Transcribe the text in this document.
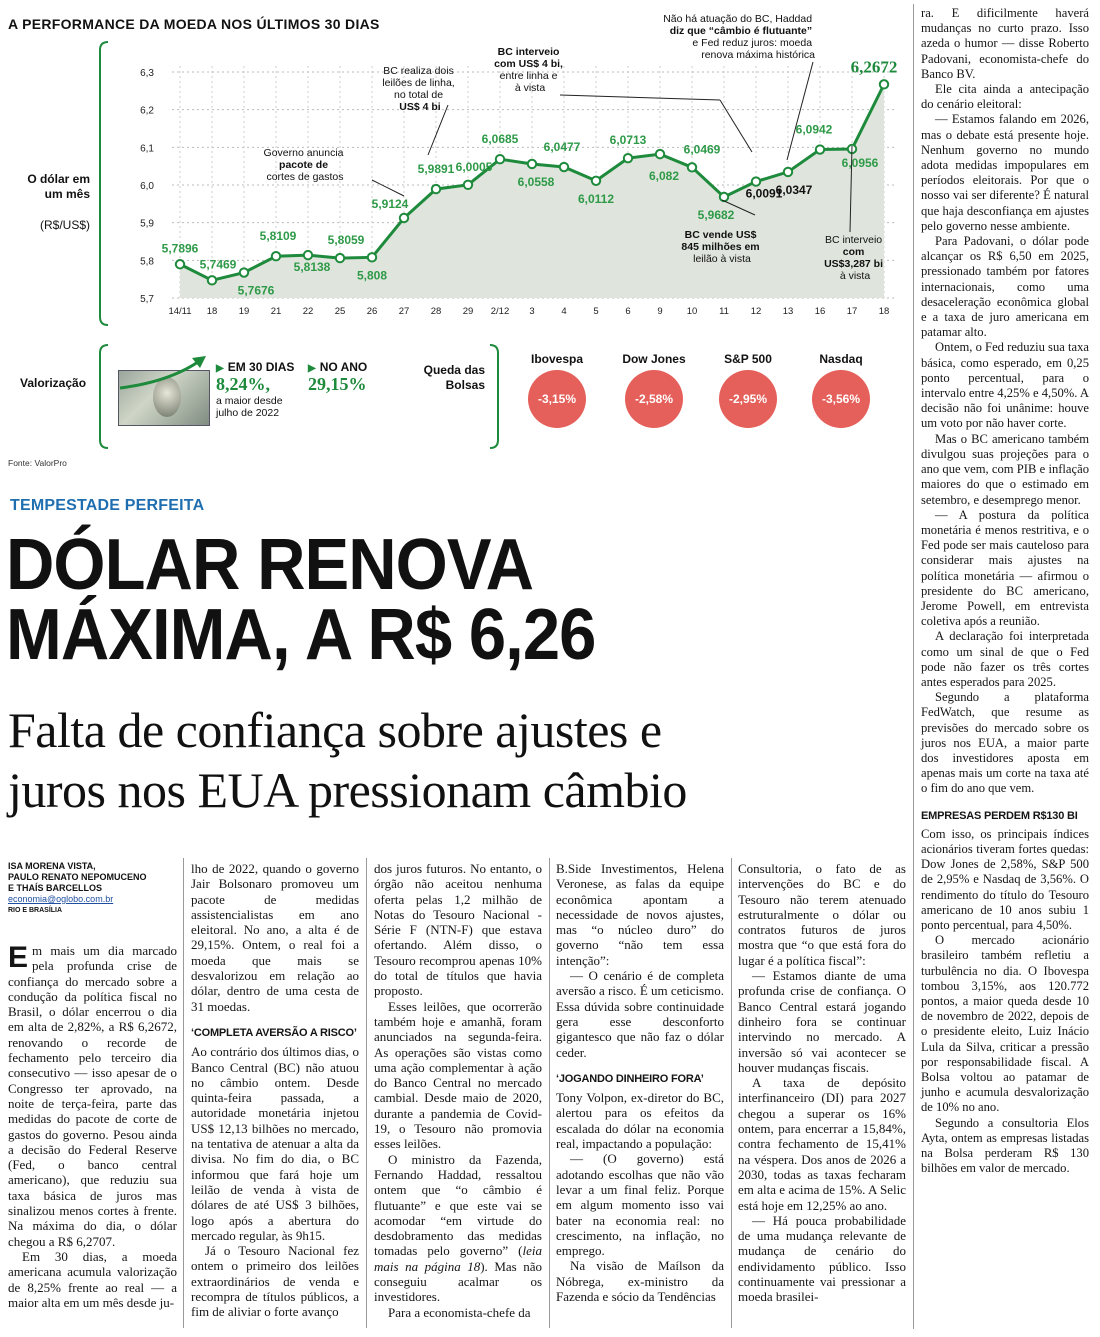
A PERFORMANCE DA MOEDA NOS ÚLTIMOS 30 DIAS
5,7
5,8
5,9
6,0
6,1
6,2
6,3
14/11 18 19 21 22 25 26 27 28 29 2/12 3	4	5	6	9	10 11 12 13 16 17 18
5,7896
5,7469
5,7676
5,8109
5,8138
5,8059
5,808
5,9124
5,9891 6,0005
6,0685
6,0558
6,0477
6,0112
6,0713
6,082
6,0469
5,9682
6,0091
6,0347
6,0942
6,0956
6,2672
Governo anuncia pacote de cortes de gastos
BC realiza dois leilões de linha, no total de US$ 4 bi
BC interveio com US$ 4 bi, entre linha e à vista
Não há atuação do BC, Haddad diz que “câmbio é flutuante” e Fed reduz juros: moeda renova máxima histórica
BC vende US$ 845 milhões em leilão à vista
BC interveio com US$3,287 bi à vista
O dólar em um mês
(R$/US$)
Valorização
▶ EM 30 DIAS
8,24%,
a maior desde julho de 2022
▶ NO ANO
29,15%
Queda das Bolsas
Ibovespa
-3,15%
Dow Jones
-2,58%
S&P 500
-2,95%
Nasdaq
-3,56%
Fonte: ValorPro
TEMPESTADE PERFEITA
DÓLAR RENOVA
MÁXIMA, A R$ 6,26
Falta de confiança sobre ajustes e
juros nos EUA pressionam câmbio
ISA MORENA VISTA,
PAULO RENATO NEPOMUCENO
E THAÍS BARCELLOS
economia@oglobo.com.br
RIO E BRASÍLIA

Em mais um dia marcado pela profunda crise de confiança do mercado sobre a condução da política fiscal no Brasil, o dólar encerrou o dia em alta de 2,82%, a R$ 6,2672, renovando o recorde de fechamento pelo terceiro dia consecutivo — isso apesar de o Congresso ter aprovado, na noite de terça-feira, parte das medidas do pacote de corte de gastos do governo. Pesou ainda a decisão do Federal Reserve (Fed, o banco central americano), que reduziu sua taxa básica de juros mas sinalizou menos cortes à frente. Na máxima do dia, o dólar chegou a R$ 6,2707.

Em 30 dias, a moeda americana acumula valorização de 8,25% frente ao real — a maior alta em um mês desde ju-

lho de 2022, quando o governo Jair Bolsonaro promoveu um pacote de medidas assistencialistas em ano eleitoral. No ano, a alta é de 29,15%. Ontem, o real foi a moeda que mais se desvalorizou em relação ao dólar, dentro de uma cesta de 31 moedas.

‘COMPLETA AVERSÃO A RISCO’

Ao contrário dos últimos dias, o Banco Central (BC) não atuou no câmbio ontem. Desde quinta-feira passada, a autoridade monetária injetou US$ 12,13 bilhões no mercado, na tentativa de atenuar a alta da divisa. No fim do dia, o BC informou que fará hoje um leilão de venda à vista de dólares de até US$ 3 bilhões, logo após a abertura do mercado regular, às 9h15.

Já o Tesouro Nacional fez ontem o primeiro dos leilões extraordinários de venda e recompra de títulos públicos, a fim de aliviar o forte avanço

dos juros futuros. No entanto, o órgão não aceitou nenhuma oferta pelas 1,2 milhão de Notas do Tesouro Nacional - Série F (NTN-F) que estava ofertando. Além disso, o Tesouro recomprou apenas 10% do total de títulos que havia proposto.

Esses leilões, que ocorrerão também hoje e amanhã, foram anunciados na segunda-feira. As operações são vistas como uma ação complementar à ação do Banco Central no mercado cambial. Desde maio de 2020, durante a pandemia de Covid-19, o Tesouro não promovia esses leilões.

O ministro da Fazenda, Fernando Haddad, ressaltou ontem que “o câmbio é flutuante” e que este vai se acomodar “em virtude do desdobramento das medidas tomadas pelo governo” (leia mais na página 18). Mas não conseguiu acalmar os investidores.

Para a economista-chefe da

B.Side Investimentos, Helena Veronese, as falas da equipe econômica apontam a necessidade de novos ajustes, mas “o núcleo duro” do governo “não tem essa intenção”:

— O cenário é de completa aversão a risco. É um ceticismo. Essa dúvida sobre continuidade gera esse desconforto gigantesco que não faz o dólar ceder.

‘JOGANDO DINHEIRO FORA’

Tony Volpon, ex-diretor do BC, alertou para os efeitos da escalada do dólar na economia real, impactando a população:

— (O governo) está adotando escolhas que não vão levar a um final feliz. Porque em algum momento isso vai bater na economia real: no crescimento, na inflação, no emprego.

Na visão de Maílson da Nóbrega, ex-ministro da Fazenda e sócio da Tendências

Consultoria, o fato de as intervenções do BC e do Tesouro não terem atenuado estruturalmente o dólar ou contratos futuros de juros mostra que “o que está fora do lugar é a política fiscal”:

— Estamos diante de uma profunda crise de confiança. O Banco Central estará jogando dinheiro fora se continuar intervindo no mercado. A inversão só vai acontecer se houver mudanças fiscais.

A taxa de depósito interfinanceiro (DI) para 2027 chegou a superar os 16% ontem, para encerrar a 15,84%, contra fechamento de 15,41% na véspera. Dos anos de 2026 a 2030, todas as taxas fecharam em alta e acima de 15%. A Selic está hoje em 12,25% ao ano.

— Há pouca probabilidade de uma mudança relevante de mudança de cenário do endividamento público. Isso continuamente vai pressionar a moeda brasilei-

ra. E dificilmente haverá mudanças no curto prazo. Isso azeda o humor — disse Roberto Padovani, economista-chefe do Banco BV.

Ele cita ainda a antecipação do cenário eleitoral:

— Estamos falando em 2026, mas o debate está presente hoje. Nenhum governo no mundo adota medidas impopulares em períodos eleitorais. Por que o nosso vai ser diferente? É natural que haja desconfiança em ajustes pelo governo nesse ambiente.

Para Padovani, o dólar pode alcançar os R$ 6,50 em 2025, pressionado também por fatores internacionais, como uma desaceleração econômica global e a taxa de juro americana em patamar alto.

Ontem, o Fed reduziu sua taxa básica, como esperado, em 0,25 ponto percentual, para o intervalo entre 4,25% e 4,50%. A decisão não foi unânime: houve um voto por não haver corte.

Mas o BC americano também divulgou suas projeções para o ano que vem, com PIB e inflação maiores do que o estimado em setembro, e desemprego menor.

— A postura da política monetária é menos restritiva, e o Fed pode ser mais cauteloso para considerar mais ajustes na política monetária — afirmou o presidente do BC americano, Jerome Powell, em entrevista coletiva após a reunião.

A declaração foi interpretada como um sinal de que o Fed pode não fazer os três cortes antes esperados para 2025.

Segundo a plataforma FedWatch, que resume as previsões do mercado sobre os juros nos EUA, a maior parte dos investidores aposta em apenas mais um corte na taxa até o fim do ano que vem.

EMPRESAS PERDEM R$130 BI

Com isso, os principais índices acionários tiveram fortes quedas: Dow Jones de 2,58%, S&P 500 de 2,95% e Nasdaq de 3,56%. O rendimento do título do Tesouro americano de 10 anos subiu 1 ponto percentual, para 4,50%.

O mercado acionário brasileiro também refletiu a turbulência no dia. O Ibovespa tombou 3,15%, aos 120.772 pontos, a maior queda desde 10 de novembro de 2022, depois de o presidente eleito, Luiz Inácio Lula da Silva, criticar a pressão por responsabilidade fiscal. A Bolsa voltou ao patamar de junho e acumula desvalorização de 10% no ano.

Segundo a consultoria Elos Ayta, ontem as empresas listadas na Bolsa perderam R$ 130 bilhões em valor de mercado.
